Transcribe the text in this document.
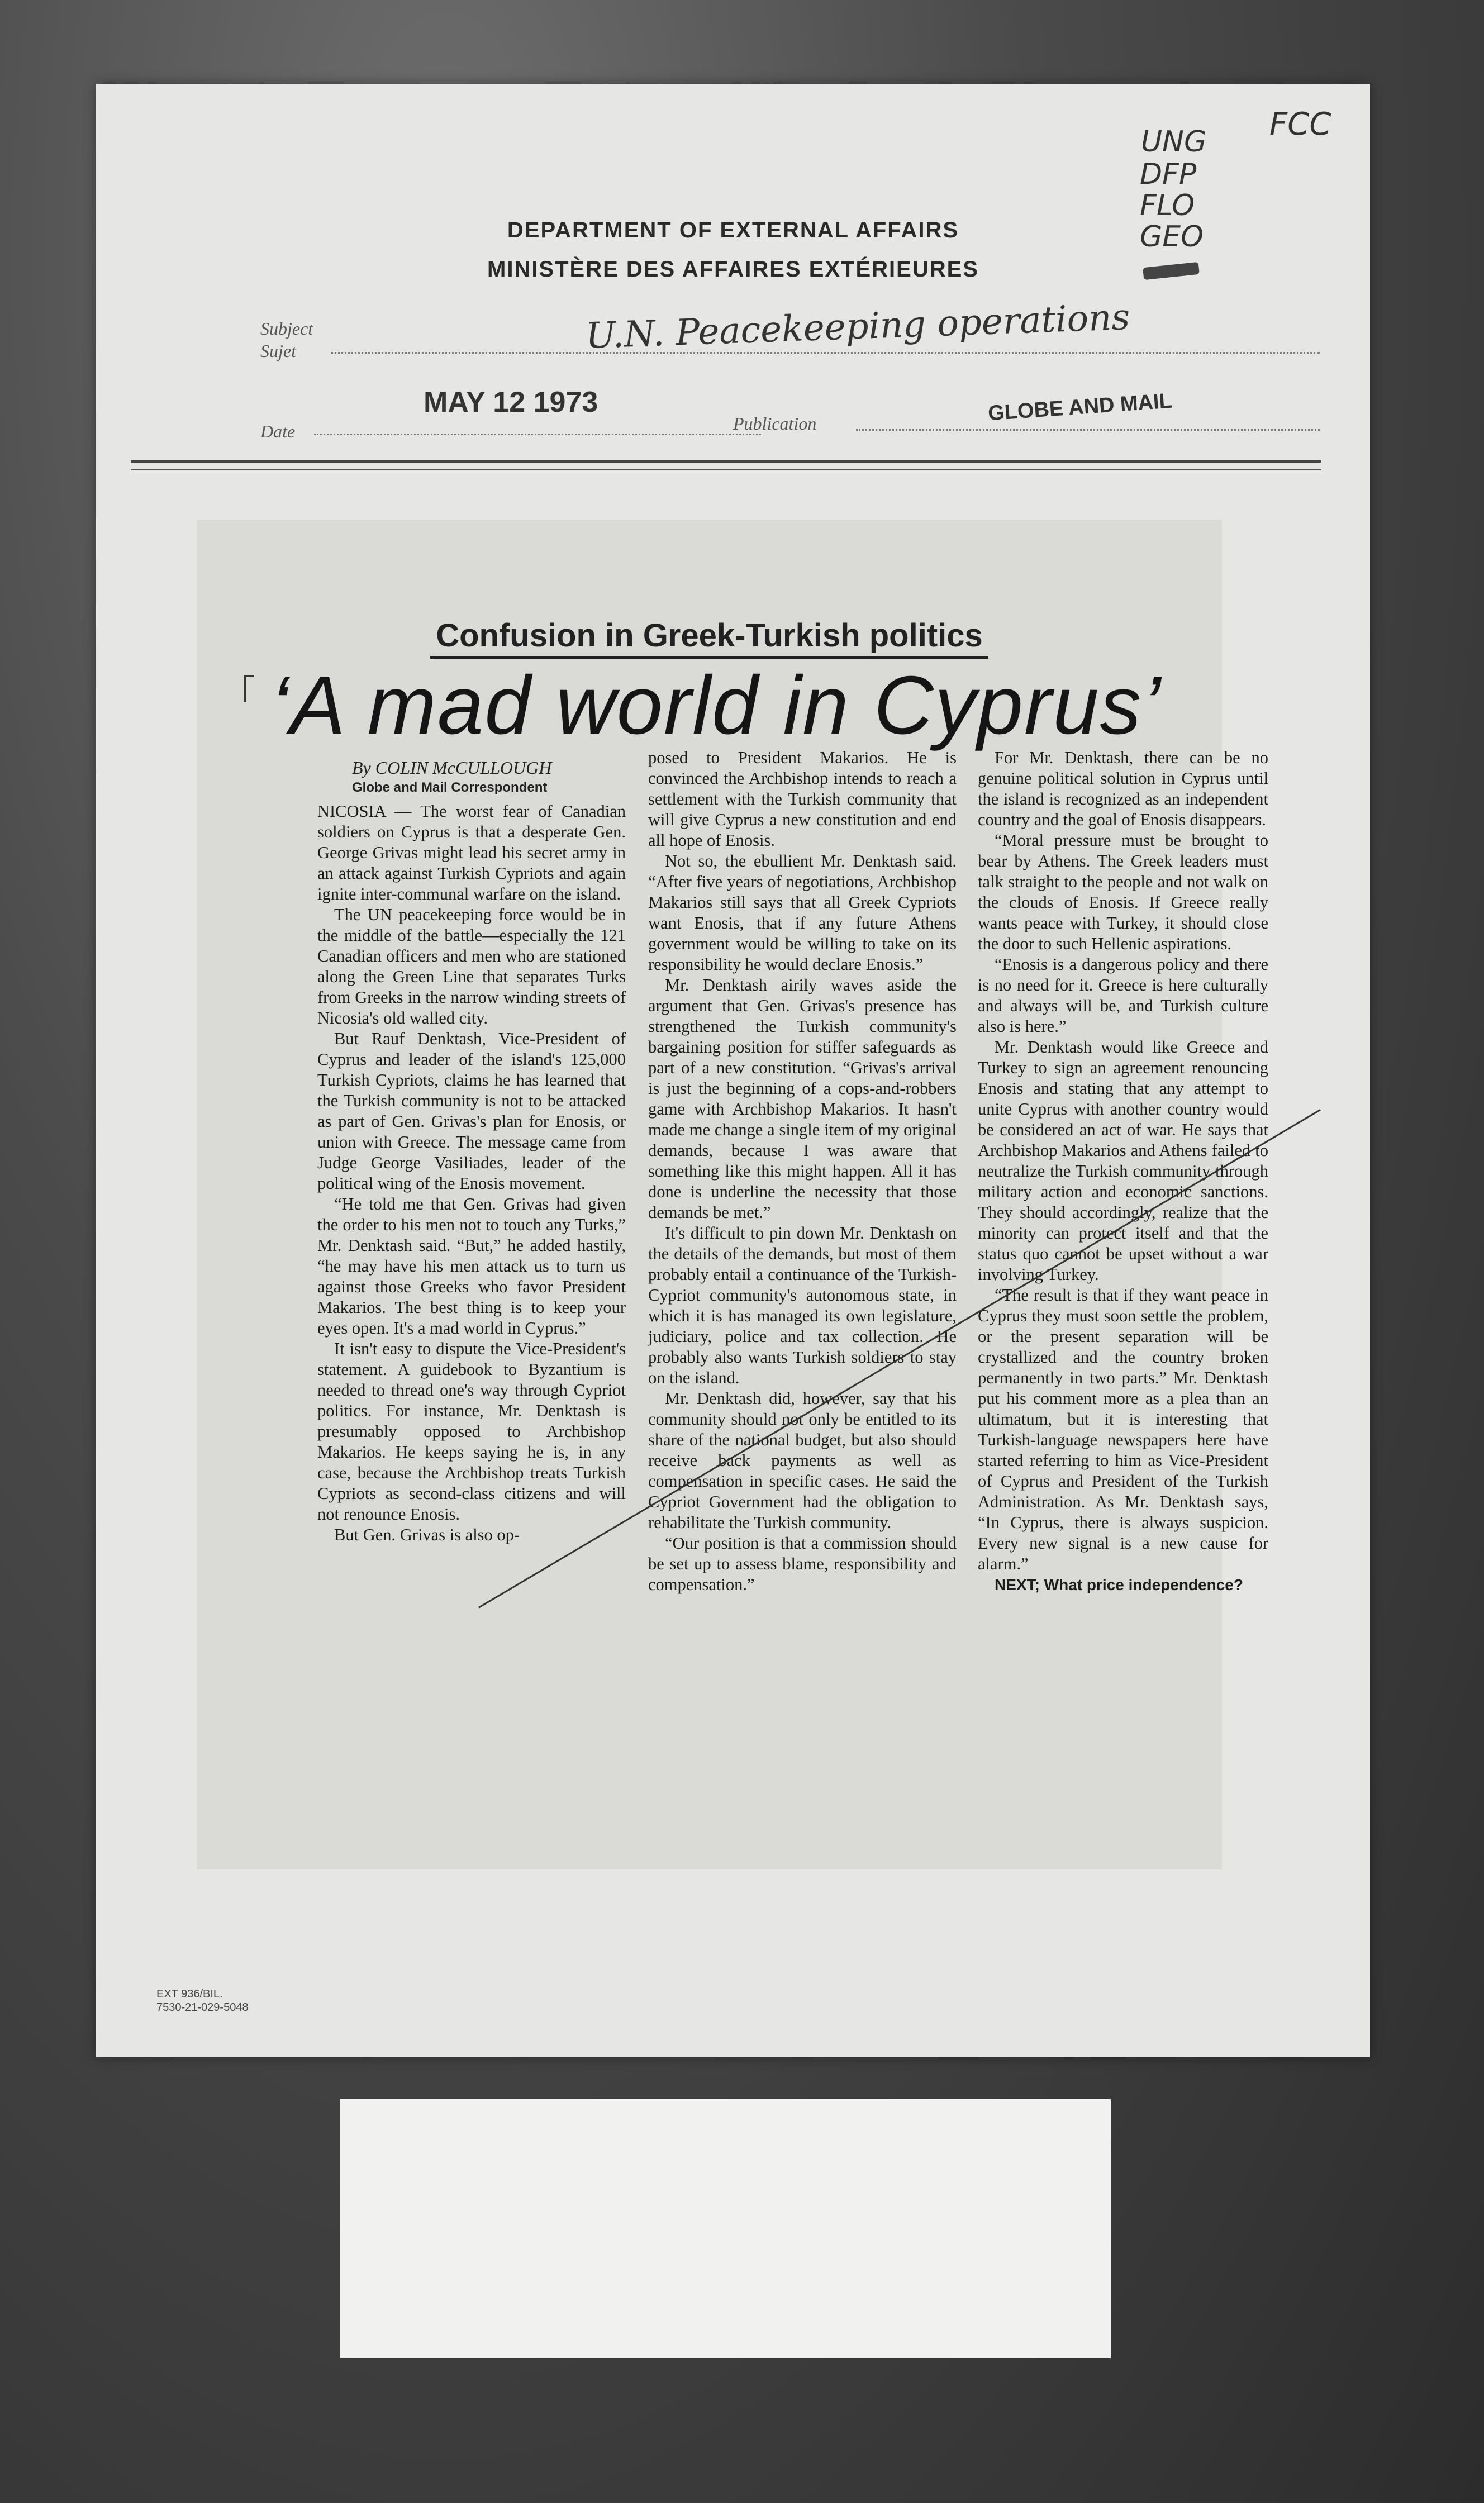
UNG
DFP
FLO
GEO
FCC
DEPARTMENT OF EXTERNAL AFFAIRS
MINISTÈRE DES AFFAIRES EXTÉRIEURES
Subject
Sujet	U.N. Peacekeeping operations
MAY 12 1973
Date	Publication	GLOBE AND MAIL
Confusion in Greek-Turkish politics
‘A mad world in Cyprus’
By COLIN McCULLOUGH
Globe and Mail Correspondent

NICOSIA — The worst fear of Canadian soldiers on Cyprus is that a desperate Gen. George Grivas might lead his secret army in an attack against Turkish Cypriots and again ignite inter-communal warfare on the island.

The UN peacekeeping force would be in the middle of the battle—especially the 121 Canadian officers and men who are stationed along the Green Line that separates Turks from Greeks in the narrow winding streets of Nicosia's old walled city.

But Rauf Denktash, Vice-President of Cyprus and leader of the island's 125,000 Turkish Cypriots, claims he has learned that the Turkish community is not to be attacked as part of Gen. Grivas's plan for Enosis, or union with Greece. The message came from Judge George Vasiliades, leader of the political wing of the Enosis movement.

“He told me that Gen. Grivas had given the order to his men not to touch any Turks,” Mr. Denktash said. “But,” he added hastily, “he may have his men attack us to turn us against those Greeks who favor President Makarios. The best thing is to keep your eyes open. It's a mad world in Cyprus.”

It isn't easy to dispute the Vice-President's statement. A guidebook to Byzantium is needed to thread one's way through Cypriot politics. For instance, Mr. Denktash is presumably opposed to Archbishop Makarios. He keeps saying he is, in any case, because the Archbishop treats Turkish Cypriots as second-class citizens and will not renounce Enosis.

But Gen. Grivas is also op-

posed to President Makarios. He is convinced the Archbishop intends to reach a settlement with the Turkish community that will give Cyprus a new constitution and end all hope of Enosis.

Not so, the ebullient Mr. Denktash said. “After five years of negotiations, Archbishop Makarios still says that all Greek Cypriots want Enosis, that if any future Athens government would be willing to take on its responsibility he would declare Enosis.”

Mr. Denktash airily waves aside the argument that Gen. Grivas's presence has strengthened the Turkish community's bargaining position for stiffer safeguards as part of a new constitution. “Grivas's arrival is just the beginning of a cops-and-robbers game with Archbishop Makarios. It hasn't made me change a single item of my original demands, because I was aware that something like this might happen. All it has done is underline the necessity that those demands be met.”

It's difficult to pin down Mr. Denktash on the details of the demands, but most of them probably entail a continuance of the Turkish-Cypriot community's autonomous state, in which it is has managed its own legislature, judiciary, police and tax collection. He probably also wants Turkish soldiers to stay on the island.

Mr. Denktash did, however, say that his community should not only be entitled to its share of the national budget, but also should receive back payments as well as compensation in specific cases. He said the Cypriot Government had the obligation to rehabilitate the Turkish community.

“Our position is that a commission should be set up to assess blame, responsibility and compensation.”

For Mr. Denktash, there can be no genuine political solution in Cyprus until the island is recognized as an independent country and the goal of Enosis disappears.

“Moral pressure must be brought to bear by Athens. The Greek leaders must talk straight to the people and not walk on the clouds of Enosis. If Greece really wants peace with Turkey, it should close the door to such Hellenic aspirations.

“Enosis is a dangerous policy and there is no need for it. Greece is here culturally and always will be, and Turkish culture also is here.”

Mr. Denktash would like Greece and Turkey to sign an agreement renouncing Enosis and stating that any attempt to unite Cyprus with another country would be considered an act of war. He says that Archbishop Makarios and Athens failed to neutralize the Turkish community through military action and economic sanctions. They should accordingly, realize that the minority can protect itself and that the status quo cannot be upset without a war involving Turkey.

“The result is that if they want peace in Cyprus they must soon settle the problem, or the present separation will be crystallized and the country broken permanently in two parts.” Mr. Denktash put his comment more as a plea than an ultimatum, but it is interesting that Turkish-language newspapers here have started referring to him as Vice-President of Cyprus and President of the Turkish Administration. As Mr. Denktash says, “In Cyprus, there is always suspicion. Every new signal is a new cause for alarm.”

NEXT; What price independence?

EXT 936/BIL.
7530-21-029-5048
